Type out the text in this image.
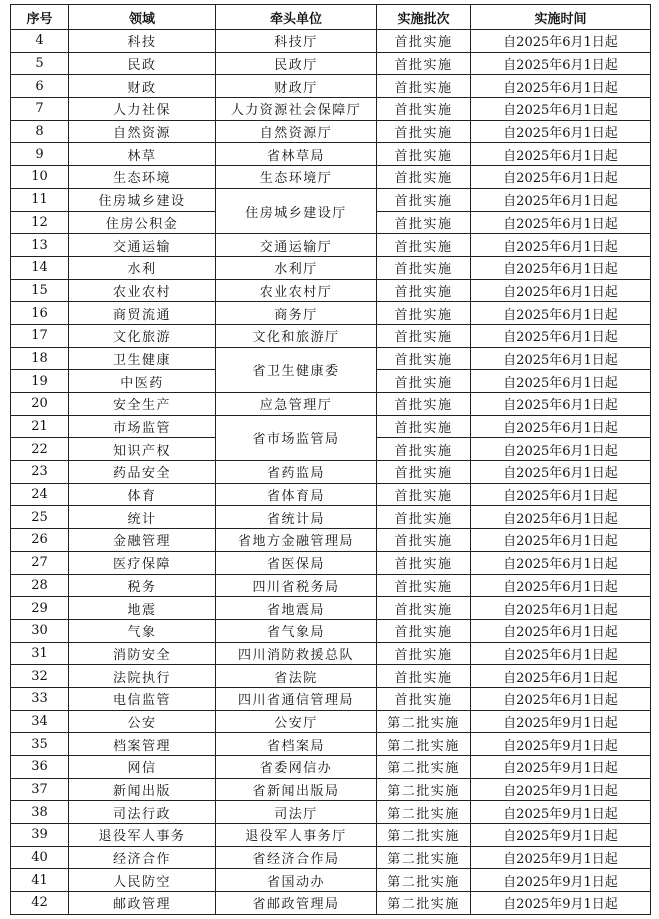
序号	领域	牵头单位	实施批次	实施时间
4	科技	科技厅	首批实施	自2025年6月1日起
5	民政	民政厅	首批实施	自2025年6月1日起
6	财政	财政厅	首批实施	自2025年6月1日起
7	人力社保	人力资源社会保障厅	首批实施	自2025年6月1日起
8	自然资源	自然资源厅	首批实施	自2025年6月1日起
9	林草	省林草局	首批实施	自2025年6月1日起
10	生态环境	生态环境厅	首批实施	自2025年6月1日起
11	住房城乡建设	住房城乡建设厅	首批实施	自2025年6月1日起
12	住房公积金		首批实施	自2025年6月1日起
13	交通运输	交通运输厅	首批实施	自2025年6月1日起
14	水利	水利厅	首批实施	自2025年6月1日起
15	农业农村	农业农村厅	首批实施	自2025年6月1日起
16	商贸流通	商务厅	首批实施	自2025年6月1日起
17	文化旅游	文化和旅游厅	首批实施	自2025年6月1日起
18	卫生健康	省卫生健康委	首批实施	自2025年6月1日起
19	中医药		首批实施	自2025年6月1日起
20	安全生产	应急管理厅	首批实施	自2025年6月1日起
21	市场监管	省市场监管局	首批实施	自2025年6月1日起
22	知识产权		首批实施	自2025年6月1日起
23	药品安全	省药监局	首批实施	自2025年6月1日起
24	体育	省体育局	首批实施	自2025年6月1日起
25	统计	省统计局	首批实施	自2025年6月1日起
26	金融管理	省地方金融管理局	首批实施	自2025年6月1日起
27	医疗保障	省医保局	首批实施	自2025年6月1日起
28	税务	四川省税务局	首批实施	自2025年6月1日起
29	地震	省地震局	首批实施	自2025年6月1日起
30	气象	省气象局	首批实施	自2025年6月1日起
31	消防安全	四川消防救援总队	首批实施	自2025年6月1日起
32	法院执行	省法院	首批实施	自2025年6月1日起
33	电信监管	四川省通信管理局	首批实施	自2025年6月1日起
34	公安	公安厅	第二批实施	自2025年9月1日起
35	档案管理	省档案局	第二批实施	自2025年9月1日起
36	网信	省委网信办	第二批实施	自2025年9月1日起
37	新闻出版	省新闻出版局	第二批实施	自2025年9月1日起
38	司法行政	司法厅	第二批实施	自2025年9月1日起
39	退役军人事务	退役军人事务厅	第二批实施	自2025年9月1日起
40	经济合作	省经济合作局	第二批实施	自2025年9月1日起
41	人民防空	省国动办	第二批实施	自2025年9月1日起
42	邮政管理	省邮政管理局	第二批实施	自2025年9月1日起
